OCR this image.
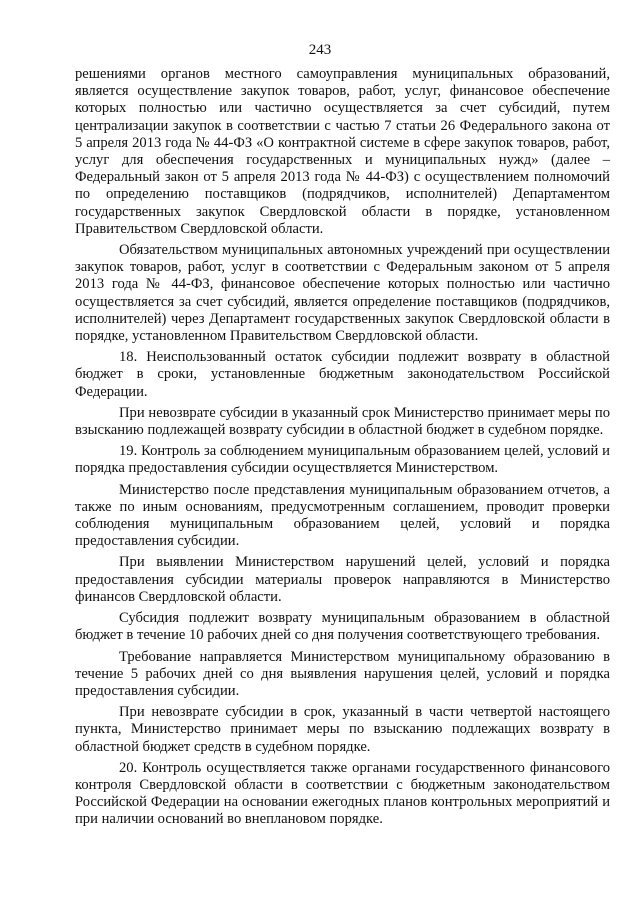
243

решениями органов местного самоуправления муниципальных образований, является осуществление закупок товаров, работ, услуг, финансовое обеспечение которых полностью или частично осуществляется за счет субсидий, путем централизации закупок в соответствии с частью 7 статьи 26 Федерального закона от 5 апреля 2013 года № 44-ФЗ «О контрактной системе в сфере закупок товаров, работ, услуг для обеспечения государственных и муниципальных нужд» (далее – Федеральный закон от 5 апреля 2013 года № 44-ФЗ) с осуществлением полномочий по определению поставщиков (подрядчиков, исполнителей) Департаментом государственных закупок Свердловской области в порядке, установленном Правительством Свердловской области.

Обязательством муниципальных автономных учреждений при осуществлении закупок товаров, работ, услуг в соответствии с Федеральным законом от 5 апреля 2013 года № 44-ФЗ, финансовое обеспечение которых полностью или частично осуществляется за счет субсидий, является определение поставщиков (подрядчиков, исполнителей) через Департамент государственных закупок Свердловской области в порядке, установленном Правительством Свердловской области.

18. Неиспользованный остаток субсидии подлежит возврату в областной бюджет в сроки, установленные бюджетным законодательством Российской Федерации.

При невозврате субсидии в указанный срок Министерство принимает меры по взысканию подлежащей возврату субсидии в областной бюджет в судебном порядке.

19. Контроль за соблюдением муниципальным образованием целей, условий и порядка предоставления субсидии осуществляется Министерством.

Министерство после представления муниципальным образованием отчетов, а также по иным основаниям, предусмотренным соглашением, проводит проверки соблюдения муниципальным образованием целей, условий и порядка предоставления субсидии.

При выявлении Министерством нарушений целей, условий и порядка предоставления субсидии материалы проверок направляются в Министерство финансов Свердловской области.

Субсидия подлежит возврату муниципальным образованием в областной бюджет в течение 10 рабочих дней со дня получения соответствующего требования.

Требование направляется Министерством муниципальному образованию в течение 5 рабочих дней со дня выявления нарушения целей, условий и порядка предоставления субсидии.

При невозврате субсидии в срок, указанный в части четвертой настоящего пункта, Министерство принимает меры по взысканию подлежащих возврату в областной бюджет средств в судебном порядке.

20. Контроль осуществляется также органами государственного финансового контроля Свердловской области в соответствии с бюджетным законодательством Российской Федерации на основании ежегодных планов контрольных мероприятий и при наличии оснований во внеплановом порядке.
